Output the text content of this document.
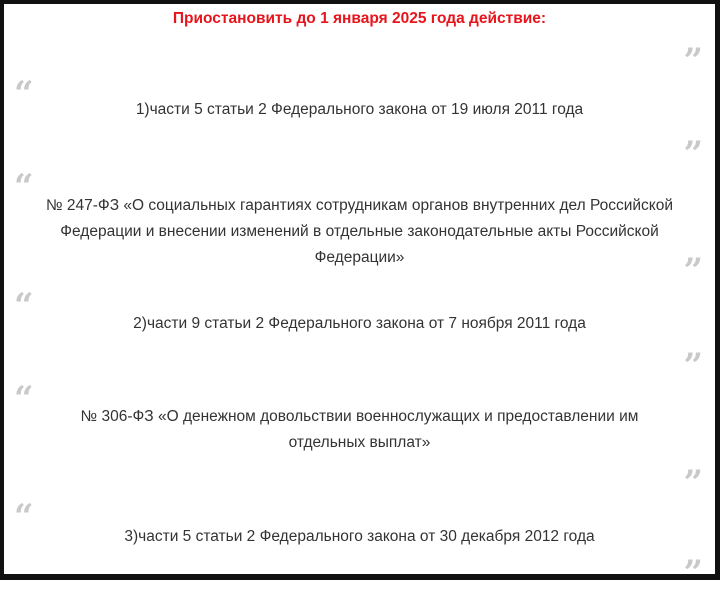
Приостановить до 1 января 2025 года действие:
”
“	1)части 5 статьи 2 Федерального закона от 19 июля 2011 года
”
“ № 247-ФЗ «О социальных гарантиях сотрудникам органов внутренних дел Российской Федерации и внесении изменений в отдельные законодательные акты Российской Федерации»	”
“	2)части 9 статьи 2 Федерального закона от 7 ноября 2011 года
”
“	№ 306-ФЗ «О денежном довольствии военнослужащих и предоставлении им отдельных выплат»
”
“	3)части 5 статьи 2 Федерального закона от 30 декабря 2012 года
”
